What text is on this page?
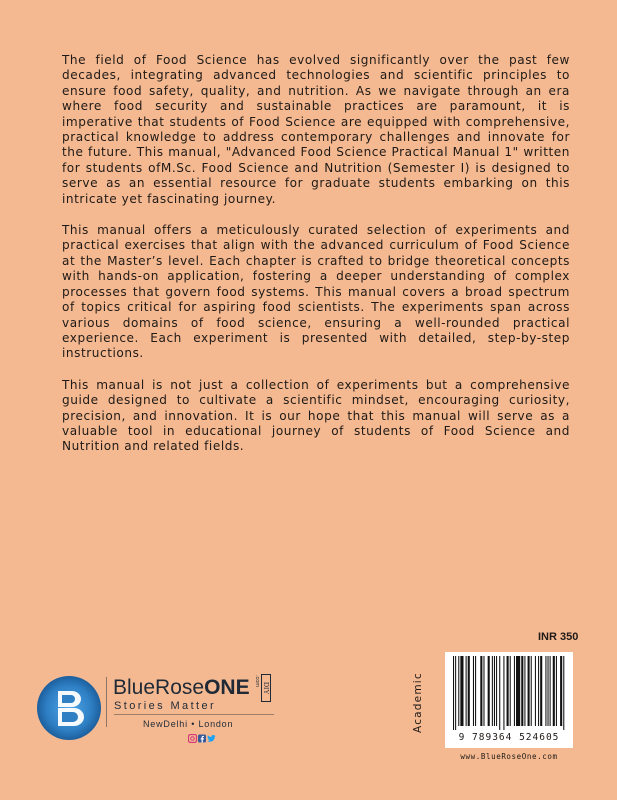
The field of Food Science has evolved significantly over the past few decades, integrating advanced technologies and scientific principles to ensure food safety, quality, and nutrition. As we navigate through an era where food security and sustainable practices are paramount, it is imperative that students of Food Science are equipped with comprehensive, practical knowledge to address contemporary challenges and innovate for the future. This manual, "Advanced Food Science Practical Manual 1" written for students ofM.Sc. Food Science and Nutrition (Semester I) is designed to serve as an essential resource for graduate students embarking on this intricate yet fascinating journey.

This manual offers a meticulously curated selection of experiments and practical exercises that align with the advanced curriculum of Food Science at the Master’s level. Each chapter is crafted to bridge theoretical concepts with hands-on application, fostering a deeper understanding of complex processes that govern food systems. This manual covers a broad spectrum of topics critical for aspiring food scientists. The experiments span across various domains of food science, ensuring a well-rounded practical experience. Each experiment is presented with detailed, step-by-step instructions.

This manual is not just a collection of experiments but a comprehensive guide designed to cultivate a scientific mindset, encouraging curiosity, precision, and innovation. It is our hope that this manual will serve as a valuable tool in educational journey of students of Food Science and Nutrition and related fields.

INR 350
Academic
9 789364 524605
www.BlueRoseOne.com
BlueRoseONE .com
DIY
Stories Matter
NewDelhi • London
